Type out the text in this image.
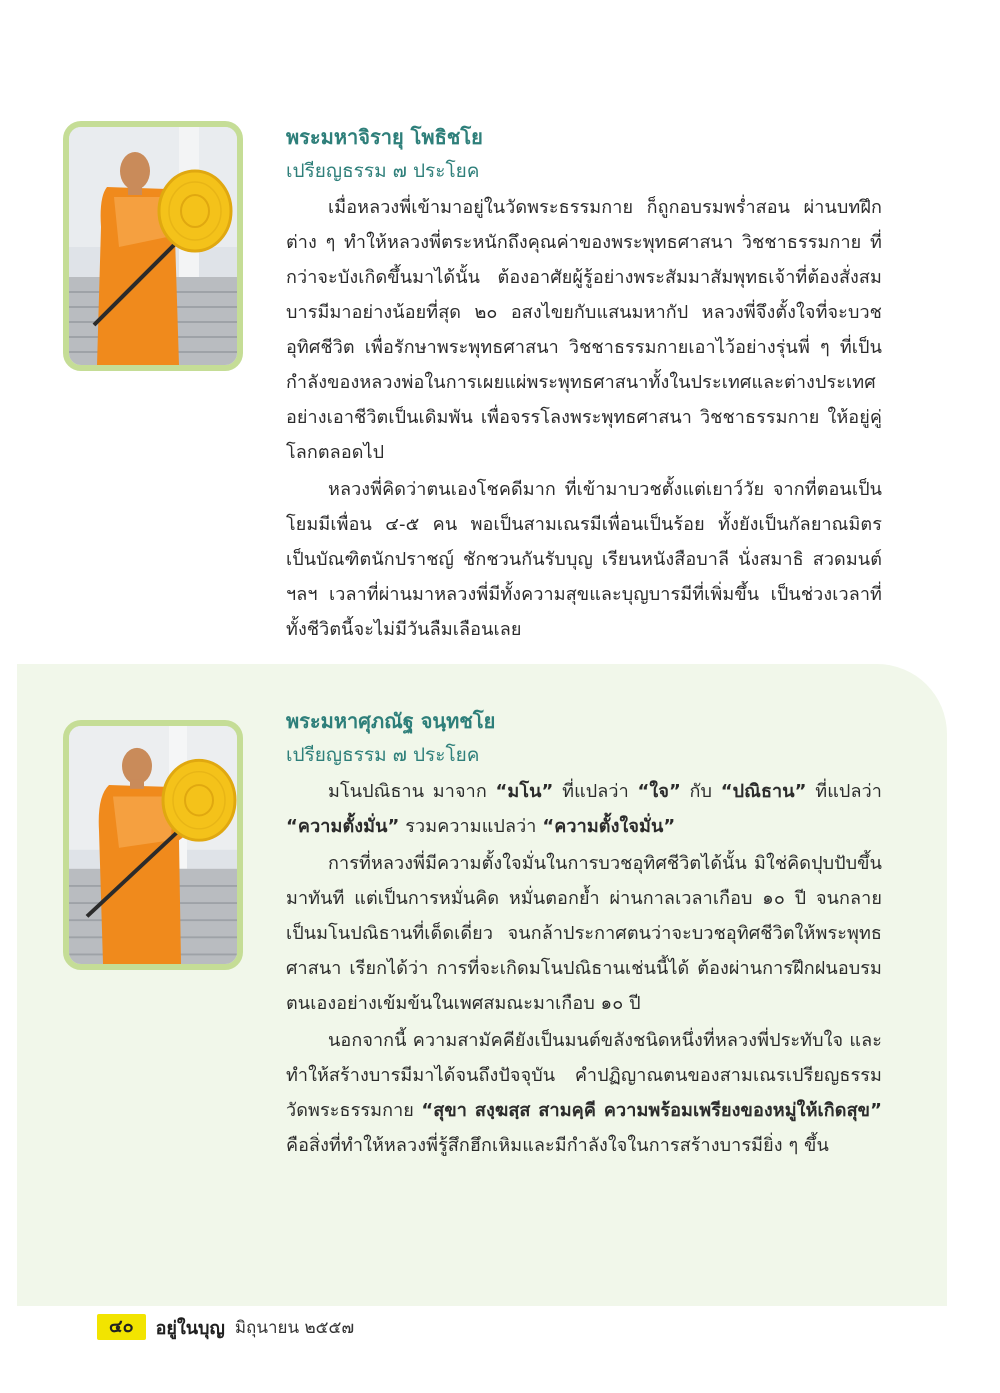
พระมหาจิรายุ โพธิชโย

เปรียญธรรม ๗ ประโยค

เมื่อหลวงพี่เข้ามาอยู่ในวัดพระธรรมกาย ก็ถูกอบรมพร่ำสอน ผ่านบทฝึกต่าง ๆ ทำให้หลวงพี่ตระหนักถึงคุณค่าของพระพุทธศาสนา วิชชาธรรมกาย ที่กว่าจะบังเกิดขึ้นมาได้นั้น ต้องอาศัยผู้รู้อย่างพระสัมมาสัมพุทธเจ้าที่ต้องสั่งสมบารมีมาอย่างน้อยที่สุด ๒๐ อสงไขยกับแสนมหากัป หลวงพี่จึงตั้งใจที่จะบวชอุทิศชีวิต เพื่อรักษาพระพุทธศาสนา วิชชาธรรมกายเอาไว้อย่างรุ่นพี่ ๆ ที่เป็นกำลังของหลวงพ่อในการเผยแผ่พระพุทธศาสนาทั้งในประเทศและต่างประเทศอย่างเอาชีวิตเป็นเดิมพัน เพื่อจรรโลงพระพุทธศาสนา วิชชาธรรมกาย ให้อยู่คู่โลกตลอดไป

หลวงพี่คิดว่าตนเองโชคดีมาก ที่เข้ามาบวชตั้งแต่เยาว์วัย จากที่ตอนเป็นโยมมีเพื่อน ๔-๕ คน พอเป็นสามเณรมีเพื่อนเป็นร้อย ทั้งยังเป็นกัลยาณมิตร เป็นบัณฑิตนักปราชญ์ ชักชวนกันรับบุญ เรียนหนังสือบาลี นั่งสมาธิ สวดมนต์ ฯลฯ เวลาที่ผ่านมาหลวงพี่มีทั้งความสุขและบุญบารมีที่เพิ่มขึ้น เป็นช่วงเวลาที่ทั้งชีวิตนี้จะไม่มีวันลืมเลือนเลย

พระมหาศุภณัฐ จนฺทชโย

เปรียญธรรม ๗ ประโยค

มโนปณิธาน มาจาก “มโน” ที่แปลว่า “ใจ” กับ “ปณิธาน” ที่แปลว่า “ความตั้งมั่น” รวมความแปลว่า “ความตั้งใจมั่น”

การที่หลวงพี่มีความตั้งใจมั่นในการบวชอุทิศชีวิตได้นั้น มิใช่คิดปุบปับขึ้นมาทันที แต่เป็นการหมั่นคิด หมั่นตอกย้ำ ผ่านกาลเวลาเกือบ ๑๐ ปี จนกลายเป็นมโนปณิธานที่เด็ดเดี่ยว จนกล้าประกาศตนว่าจะบวชอุทิศชีวิตให้พระพุทธศาสนา เรียกได้ว่า การที่จะเกิดมโนปณิธานเช่นนี้ได้ ต้องผ่านการฝึกฝนอบรมตนเองอย่างเข้มข้นในเพศสมณะมาเกือบ ๑๐ ปี

นอกจากนี้ ความสามัคคียังเป็นมนต์ขลังชนิดหนึ่งที่หลวงพี่ประทับใจ และทำให้สร้างบารมีมาได้จนถึงปัจจุบัน คำปฏิญาณตนของสามเณรเปรียญธรรมวัดพระธรรมกาย “สุขา สงฺฆสฺส สามคฺคี ความพร้อมเพรียงของหมู่ให้เกิดสุข” คือสิ่งที่ทำให้หลวงพี่รู้สึกฮึกเหิมและมีกำลังใจในการสร้างบารมียิ่ง ๆ ขึ้น

๔๐	อยู่ในบุญ มิถุนายน ๒๕๕๗
